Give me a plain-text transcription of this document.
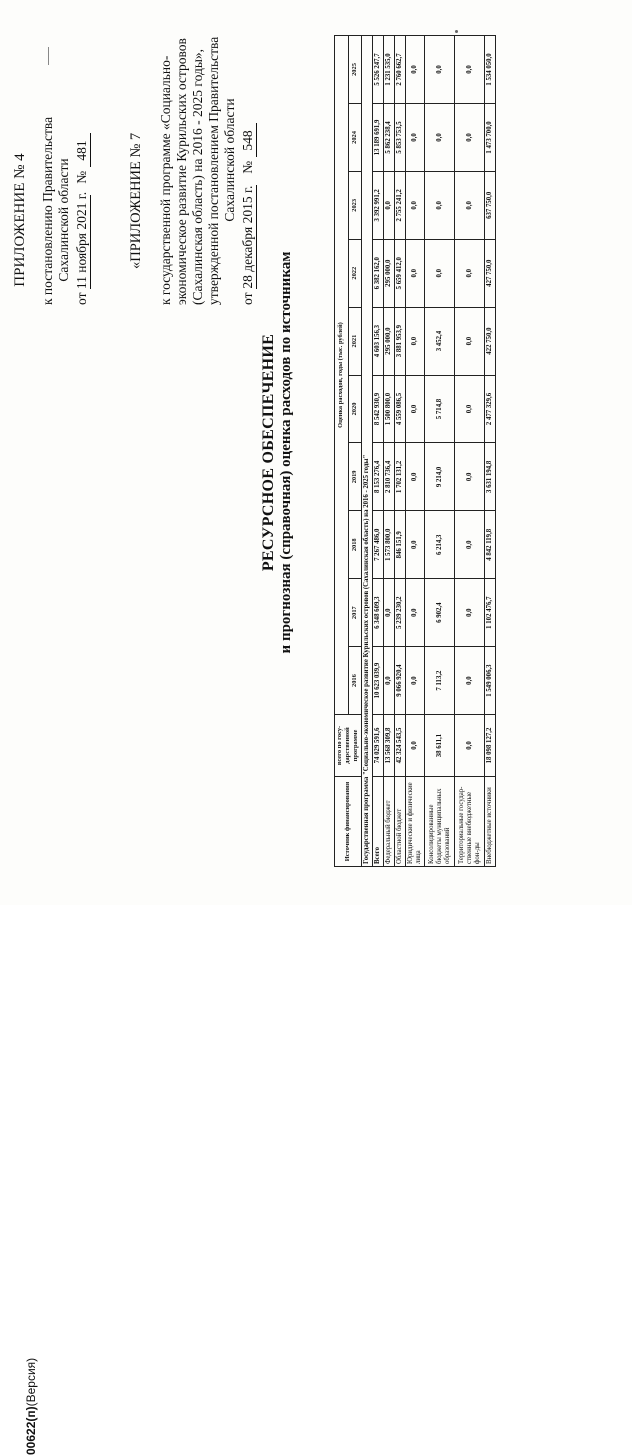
ПРИЛОЖЕНИЕ № 4 к постановлению Правительства Сахалинской области
от 11 ноября 2021 г. № 481	«ПРИЛОЖЕНИЕ № 7 к государственной программе «Социально- экономическое развитие Курильских островов (Сахалинская область) на 2016 - 2025 годы», утвержденной постановлением Правительства Сахалинской области
от 28 декабря 2015 г. № 548
РЕСУРСНОЕ ОБЕСПЕЧЕНИЕ и прогнозная (справочная) оценка расходов по источникам
Источник финансирования	всего по госу-дарственной программе	Оценка расходов, годы (тыс. рублей)									
		2016	2017	2018	2019	2020	2021	2022	2023	2024	2025
Государственная программа "Социально-экономическое развитие Курильских островов (Сахалинская область) на 2016 - 2025 годы"											
Всего	74 029 591,6	10 623 039,9	6 348 609,3	7 267 486,0	8 153 276,4	8 542 930,9	4 603 156,3	6 382 162,0	3 392 991,2	13 189 691,9	5 526 247,7
Федеральный бюджет	13 568 309,8	0,0	0,0	1 573 800,0	2 810 736,4	1 500 800,0	295 000,0	295 000,0	0,0	5 862 238,4	1 231 535,0
Областной бюджет	42 324 543,5	9 066 920,4	5 239 230,2	846 151,9	1 702 131,2	4 559 086,5	3 881 953,9	5 659 412,0	2 755 241,2	5 853 753,5	2 760 662,7
Юридические и физические лица	0,0	0,0	0,0	0,0	0,0	0,0	0,0	0,0	0,0	0,0	0,0
Консолидированные бюджеты муниципальных образований	38 611,1	7 113,2	6 902,4	6 214,3	9 214,0	5 714,8	3 452,4	0,0	0,0	0,0	0,0
Территориальные государ-ственные внебюджетные фон-ды	0,0	0,0	0,0	0,0	0,0	0,0	0,0	0,0	0,0	0,0	0,0
Внебюджетные источники	18 098 127,2	1 549 006,3	1 102 476,7	4 842 119,8	3 631 194,8	2 477 329,6	422 750,0	427 750,0	637 750,0	1 473 700,0	1 534 050,0
00622(п)(Версия)
